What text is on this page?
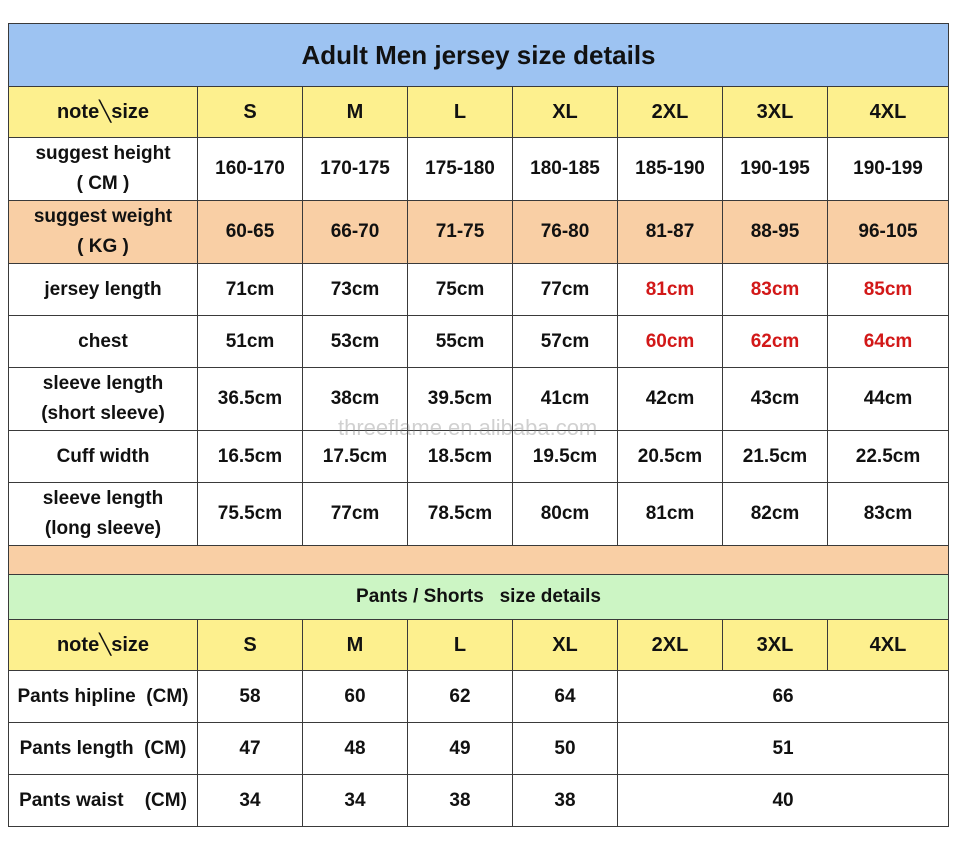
Adult Men jersey size details							
note╲size	S	M	L	XL	2XL	3XL	4XL

suggest height
( CM )	160-170	170-175	175-180	180-185	185-190	190-195	190-199

suggest weight
( KG )	60-65	66-70	71-75	76-80	81-87	88-95	96-105
jersey length	71cm	73cm	75cm	77cm	81cm	83cm	85cm
chest	51cm	53cm	55cm	57cm	60cm	62cm	64cm

sleeve length
(short sleeve)	36.5cm	38cm	39.5cm	41cm	42cm	43cm	44cm
Cuff width	16.5cm	17.5cm	18.5cm	19.5cm	20.5cm	21.5cm	22.5cm

sleeve length
(long sleeve)	75.5cm	77cm	78.5cm	80cm	81cm	82cm	83cm

Pants / Shorts   size details							
note╲size	S	M	L	XL	2XL	3XL	4XL
Pants hipline  (CM)	58	60	62	64	66		
Pants length  (CM)	47	48	49	50	51		
Pants waist    (CM)	34	34	38	38	40		
threeflame.en.alibaba.com
